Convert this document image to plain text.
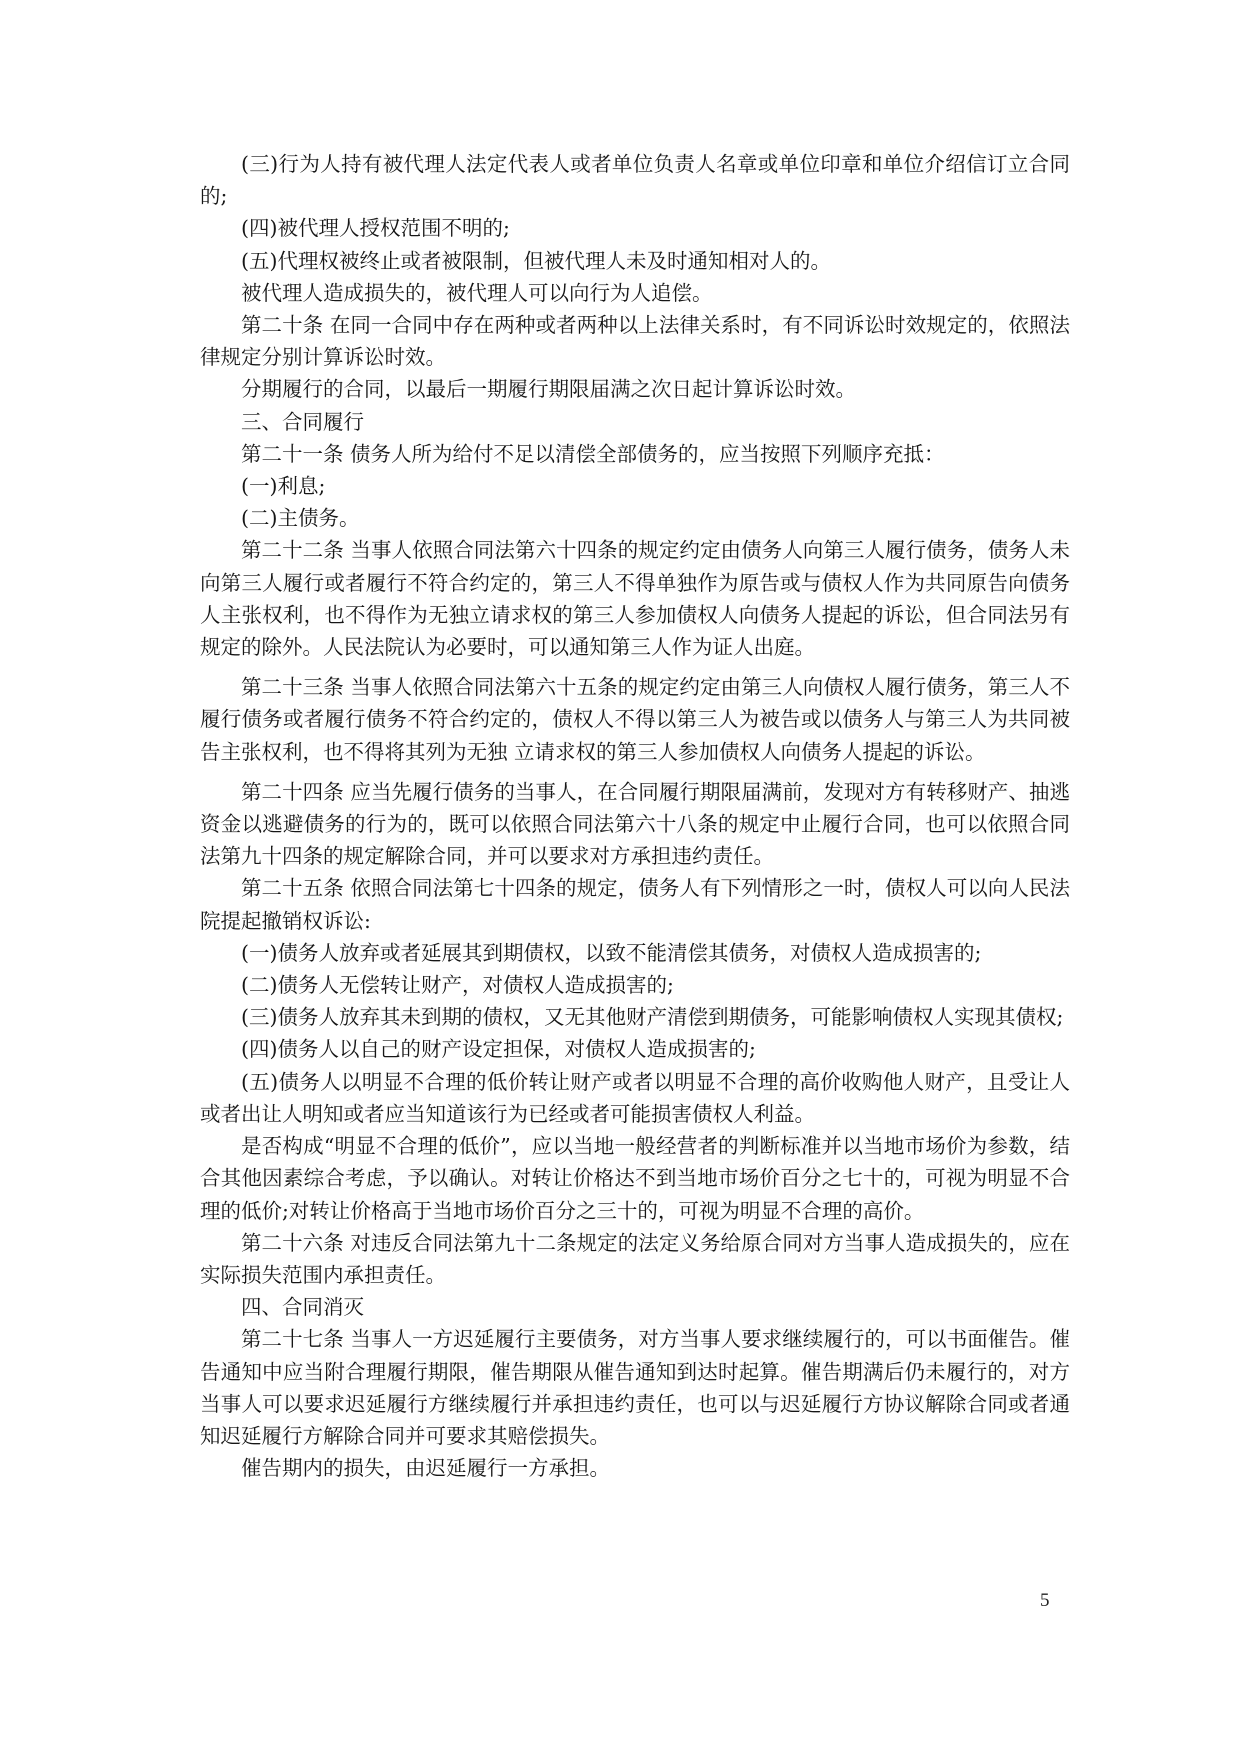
(三)行为人持有被代理人法定代表人或者单位负责人名章或单位印章和单位介绍信订立合同的;

(四)被代理人授权范围不明的;

(五)代理权被终止或者被限制，但被代理人未及时通知相对人的。

被代理人造成损失的，被代理人可以向行为人追偿。

第二十条 在同一合同中存在两种或者两种以上法律关系时，有不同诉讼时效规定的，依照法律规定分别计算诉讼时效。

分期履行的合同，以最后一期履行期限届满之次日起计算诉讼时效。

三、合同履行

第二十一条 债务人所为给付不足以清偿全部债务的，应当按照下列顺序充抵：

(一)利息;

(二)主债务。

第二十二条 当事人依照合同法第六十四条的规定约定由债务人向第三人履行债务，债务人未向第三人履行或者履行不符合约定的，第三人不得单独作为原告或与债权人作为共同原告向债务人主张权利，也不得作为无独立请求权的第三人参加债权人向债务人提起的诉讼，但合同法另有规定的除外。人民法院认为必要时，可以通知第三人作为证人出庭。

第二十三条 当事人依照合同法第六十五条的规定约定由第三人向债权人履行债务，第三人不履行债务或者履行债务不符合约定的，债权人不得以第三人为被告或以债务人与第三人为共同被告主张权利，也不得将其列为无独 立请求权的第三人参加债权人向债务人提起的诉讼。

第二十四条 应当先履行债务的当事人，在合同履行期限届满前，发现对方有转移财产、抽逃资金以逃避债务的行为的，既可以依照合同法第六十八条的规定中止履行合同，也可以依照合同法第九十四条的规定解除合同，并可以要求对方承担违约责任。

第二十五条 依照合同法第七十四条的规定，债务人有下列情形之一时，债权人可以向人民法院提起撤销权诉讼:

(一)债务人放弃或者延展其到期债权，以致不能清偿其债务，对债权人造成损害的;

(二)债务人无偿转让财产，对债权人造成损害的;

(三)债务人放弃其未到期的债权，又无其他财产清偿到期债务，可能影响债权人实现其债权;

(四)债务人以自己的财产设定担保，对债权人造成损害的;

(五)债务人以明显不合理的低价转让财产或者以明显不合理的高价收购他人财产，且受让人或者出让人明知或者应当知道该行为已经或者可能损害债权人利益。

是否构成“明显不合理的低价”，应以当地一般经营者的判断标准并以当地市场价为参数，结合其他因素综合考虑，予以确认。对转让价格达不到当地市场价百分之七十的，可视为明显不合理的低价;对转让价格高于当地市场价百分之三十的，可视为明显不合理的高价。

第二十六条 对违反合同法第九十二条规定的法定义务给原合同对方当事人造成损失的，应在实际损失范围内承担责任。

四、合同消灭

第二十七条 当事人一方迟延履行主要债务，对方当事人要求继续履行的，可以书面催告。催告通知中应当附合理履行期限，催告期限从催告通知到达时起算。催告期满后仍未履行的，对方当事人可以要求迟延履行方继续履行并承担违约责任，也可以与迟延履行方协议解除合同或者通知迟延履行方解除合同并可要求其赔偿损失。

催告期内的损失，由迟延履行一方承担。

5
